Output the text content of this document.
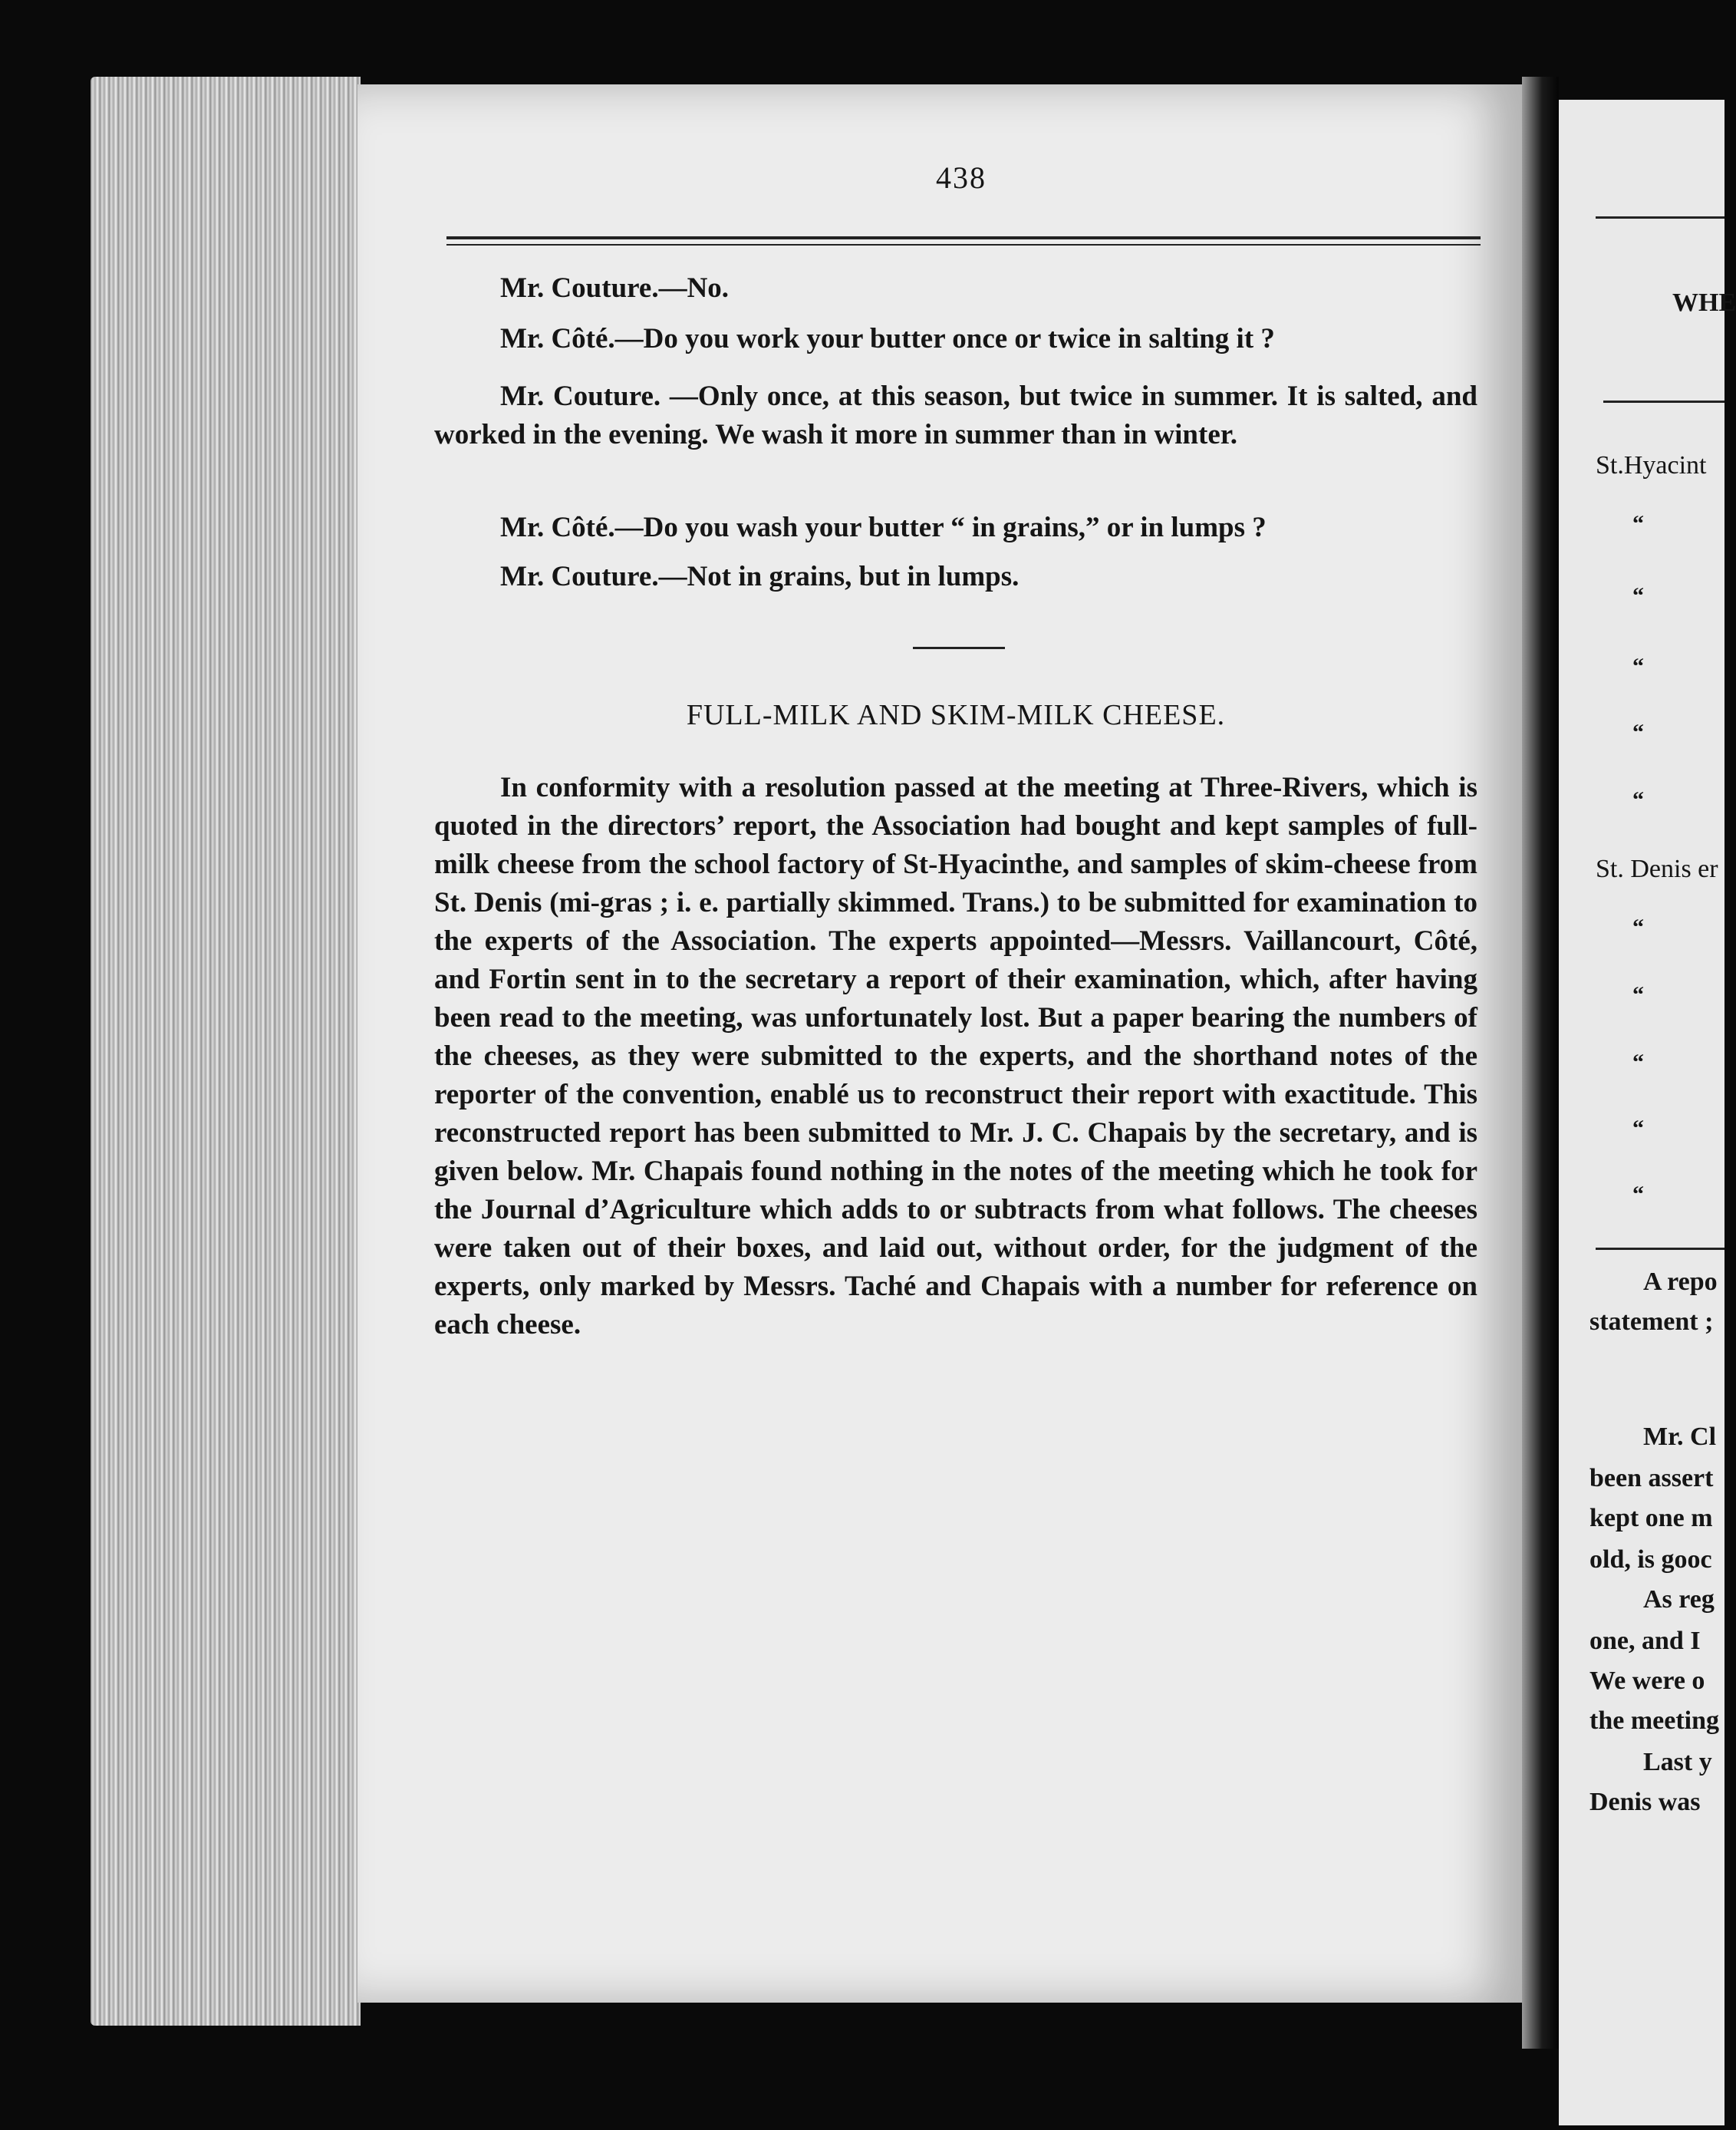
438
Mr. Couture.—No.
Mr. Côté.—Do you work your butter once or twice in salting it ?
Mr. Couture. —Only once, at this season, but twice in summer. It is salted, and worked in the evening. We wash it more in summer than in winter.
Mr. Côté.—Do you wash your butter “ in grains,” or in lumps ?
Mr. Couture.—Not in grains, but in lumps.
FULL-MILK AND SKIM-MILK CHEESE.
In conformity with a resolution passed at the meeting at Three-Rivers, which is quoted in the directors’ report, the Association had bought and kept samples of full-milk cheese from the school factory of St-Hyacinthe, and samples of skim-cheese from St. Denis (mi-gras ; i. e. partially skimmed. Trans.) to be submitted for examination to the experts of the Association. The experts appointed—Messrs. Vaillancourt, Côté, and Fortin sent in to the secretary a report of their examination, which, after having been read to the meeting, was unfortunately lost. But a paper bearing the numbers of the cheeses, as they were submitted to the experts, and the shorthand notes of the reporter of the convention, enablé us to reconstruct their report with exactitude. This reconstructed report has been submitted to Mr. J. C. Chapais by the secretary, and is given below. Mr. Chapais found nothing in the notes of the meeting which he took for the Journal d’Agriculture which adds to or subtracts from what follows. The cheeses were taken out of their boxes, and laid out, without order, for the judgment of the experts, only marked by Messrs. Taché and Chapais with a number for reference on each cheese.
WHE
St.Hyacint
“
“
“
“
“
St. Denis er
“
“
“
“
“
A repo
statement ;
Mr. Cl
been assert
kept one m
old, is gooc
As reg
one, and I
We were o
the meeting
Last y
Denis was
